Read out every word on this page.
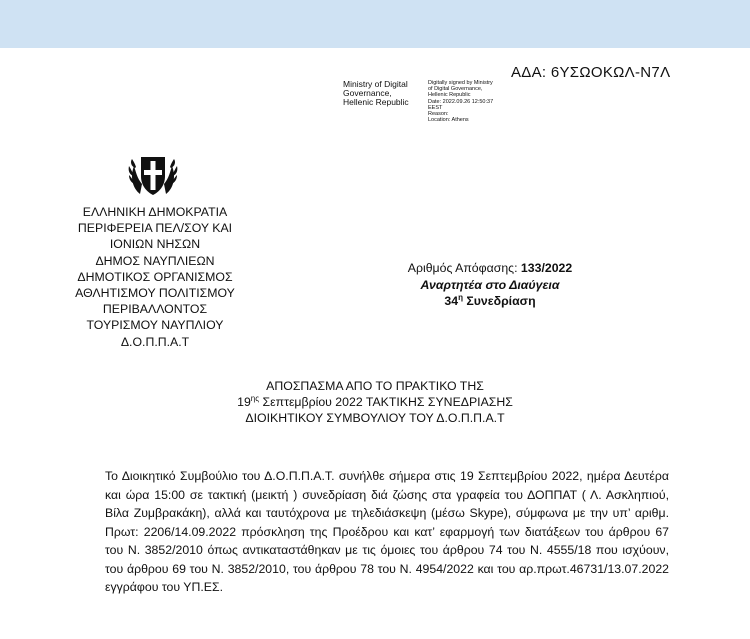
ΑΔΑ: 6ΥΣΩΟΚΩΛ-Ν7Λ
Ministry of Digital
Governance,
Hellenic Republic
Digitally signed by Ministry
of Digital Governance,
Hellenic Republic
Date: 2022.09.26 12:50:37
EEST
Reason:
Location: Athens
ΕΛΛΗΝΙΚΗ ΔΗΜΟΚΡΑΤΙΑ
ΠΕΡΙΦΕΡΕΙΑ ΠΕΛ/ΣΟΥ ΚΑΙ
ΙΟΝΙΩΝ ΝΗΣΩΝ
ΔΗΜΟΣ ΝΑΥΠΛΙΕΩΝ
ΔΗΜΟΤΙΚΟΣ ΟΡΓΑΝΙΣΜΟΣ
ΑΘΛΗΤΙΣΜΟΥ ΠΟΛΙΤΙΣΜΟΥ
ΠΕΡΙΒΑΛΛΟΝΤΟΣ
ΤΟΥΡΙΣΜΟΥ ΝΑΥΠΛΙΟΥ
Δ.Ο.Π.Π.Α.Τ
Αριθμός Απόφασης: 133/2022
Αναρτητέα στο Διαύγεια
$34^\eta$ Συνεδρίαση
ΑΠΟΣΠΑΣΜΑ ΑΠΟ ΤΟ ΠΡΑΚΤΙΚΟ ΤΗΣ
$19^{\eta\varsigma}$ Σεπτεμβρίου 2022 ΤΑΚΤΙΚΗΣ ΣΥΝΕΔΡΙΑΣΗΣ
ΔΙΟΙΚΗΤΙΚΟΥ ΣΥΜΒΟΥΛΙΟΥ ΤΟΥ Δ.Ο.Π.Π.Α.Τ
Το Διοικητικό Συμβούλιο του Δ.Ο.Π.Π.Α.Τ. συνήλθε σήμερα στις 19 Σεπτεμβρίου 2022, ημέρα Δευτέρα και ώρα 15:00 σε τακτική (μεικτή ) συνεδρίαση διά ζώσης στα γραφεία του ΔΟΠΠΑΤ ( Λ. Ασκληπιού, Βίλα Ζυμβρακάκη), αλλά και ταυτόχρονα με τηλεδιάσκεψη (μέσω Skype), σύμφωνα με την υπ’ αριθμ. Πρωτ: 2206/14.09.2022 πρόσκληση της Προέδρου και κατ’ εφαρμογή των διατάξεων του άρθρου 67 του Ν. 3852/2010 όπως αντικαταστάθηκαν με τις όμοιες του άρθρου 74 του Ν. 4555/18 που ισχύουν, του άρθρου 69 του Ν. 3852/2010, του άρθρου 78 του Ν. 4954/2022 και του αρ.πρωτ.46731/13.07.2022 εγγράφου του ΥΠ.ΕΣ.
